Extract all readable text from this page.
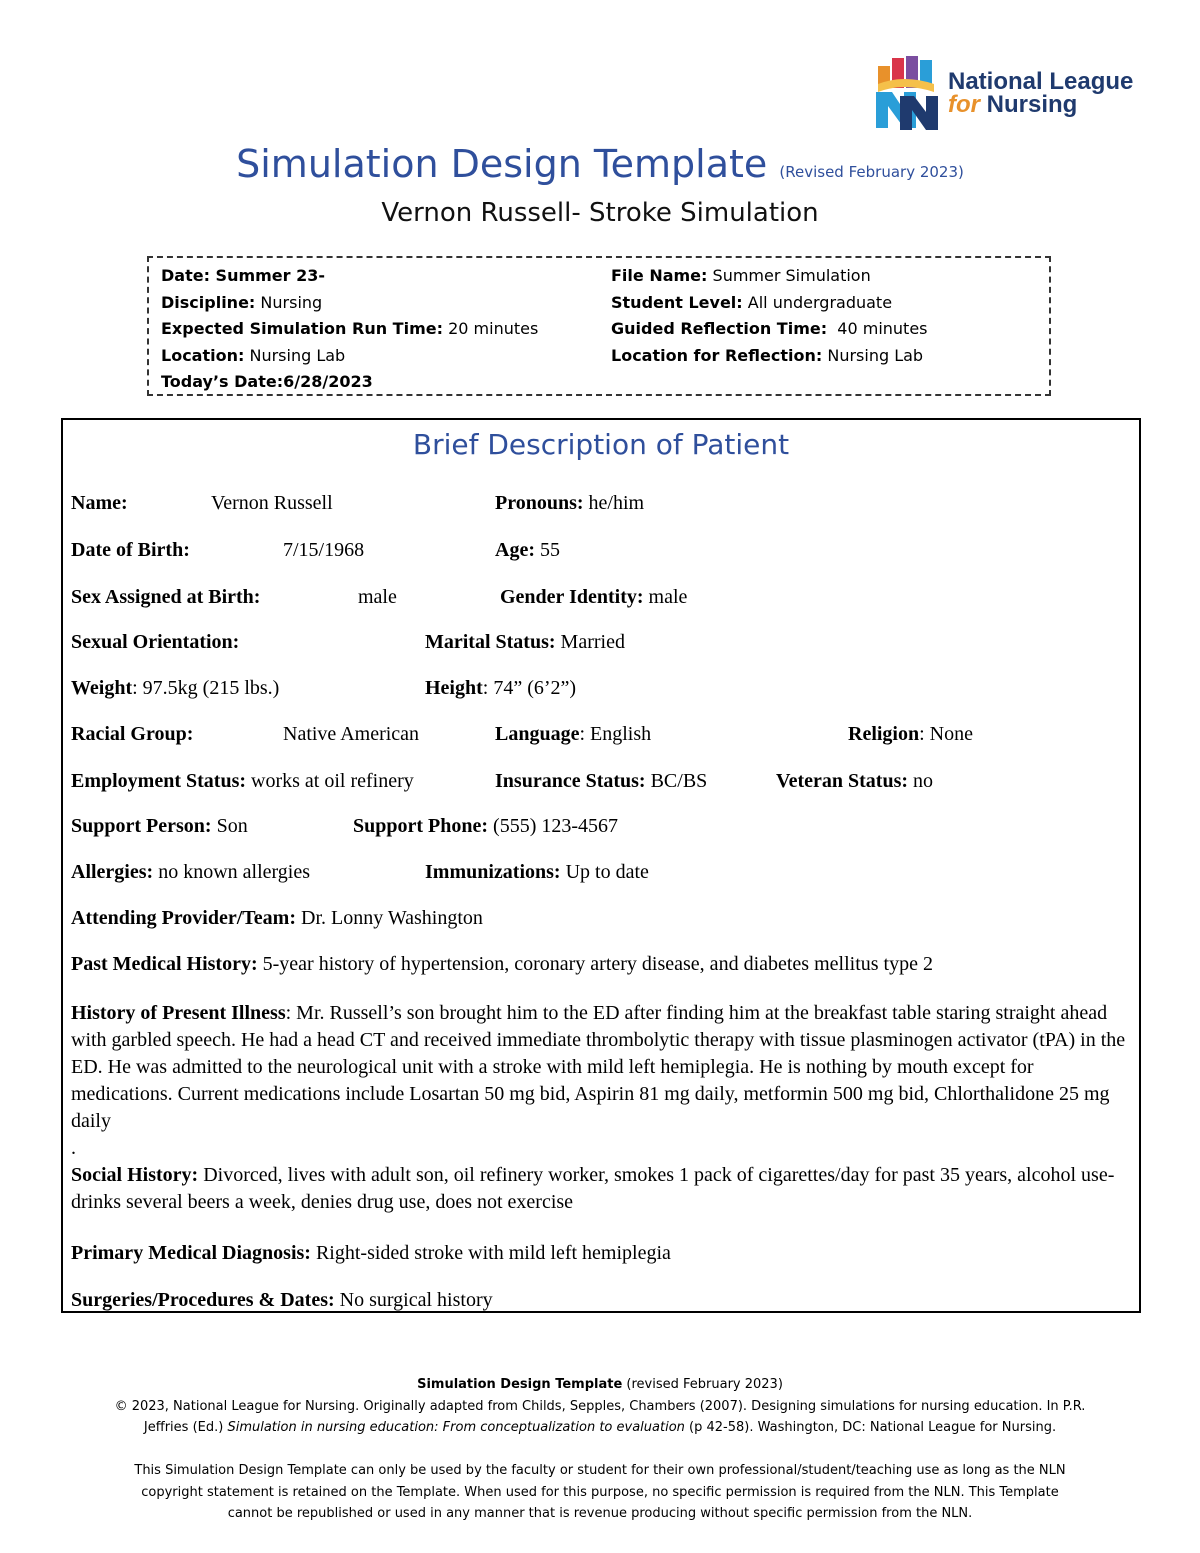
National League
for Nursing
Simulation Design Template (Revised February 2023)
Vernon Russell- Stroke Simulation
Date: Summer 23-
Discipline: Nursing
Expected Simulation Run Time: 20 minutes
Location: Nursing Lab
Today’s Date:6/28/2023
File Name: Summer Simulation
Student Level: All undergraduate
Guided Reflection Time: 40 minutes
Location for Reflection: Nursing Lab
Brief Description of Patient
Name:	Vernon Russell	Pronouns: he/him
Date of Birth:	7/15/1968	Age: 55
Sex Assigned at Birth:	male	Gender Identity: male
Sexual Orientation:	Marital Status: Married
Weight: 97.5kg (215 lbs.)	Height: 74” (6’2”)
Racial Group:	Native American	Language: English	Religion: None
Employment Status: works at oil refinery	Insurance Status: BC/BS	Veteran Status: no
Support Person: Son	Support Phone: (555) 123-4567
Allergies: no known allergies	Immunizations: Up to date
Attending Provider/Team: Dr. Lonny Washington
Past Medical History: 5-year history of hypertension, coronary artery disease, and diabetes mellitus type 2
History of Present Illness: Mr. Russell’s son brought him to the ED after finding him at the breakfast table staring straight ahead with garbled speech. He had a head CT and received immediate thrombolytic therapy with tissue plasminogen activator (tPA) in the ED. He was admitted to the neurological unit with a stroke with mild left hemiplegia. He is nothing by mouth except for medications. Current medications include Losartan 50 mg bid, Aspirin 81 mg daily, metformin 500 mg bid, Chlorthalidone 25 mg daily
.
Social History: Divorced, lives with adult son, oil refinery worker, smokes 1 pack of cigarettes/day for past 35 years, alcohol use-drinks several beers a week, denies drug use, does not exercise
Primary Medical Diagnosis: Right-sided stroke with mild left hemiplegia
Surgeries/Procedures & Dates: No surgical history
Simulation Design Template (revised February 2023)
© 2023, National League for Nursing. Originally adapted from Childs, Sepples, Chambers (2007). Designing simulations for nursing education. In P.R.
Jeffries (Ed.) Simulation in nursing education: From conceptualization to evaluation (p 42-58). Washington, DC: National League for Nursing.
This Simulation Design Template can only be used by the faculty or student for their own professional/student/teaching use as long as the NLN
copyright statement is retained on the Template. When used for this purpose, no specific permission is required from the NLN. This Template
cannot be republished or used in any manner that is revenue producing without specific permission from the NLN.
